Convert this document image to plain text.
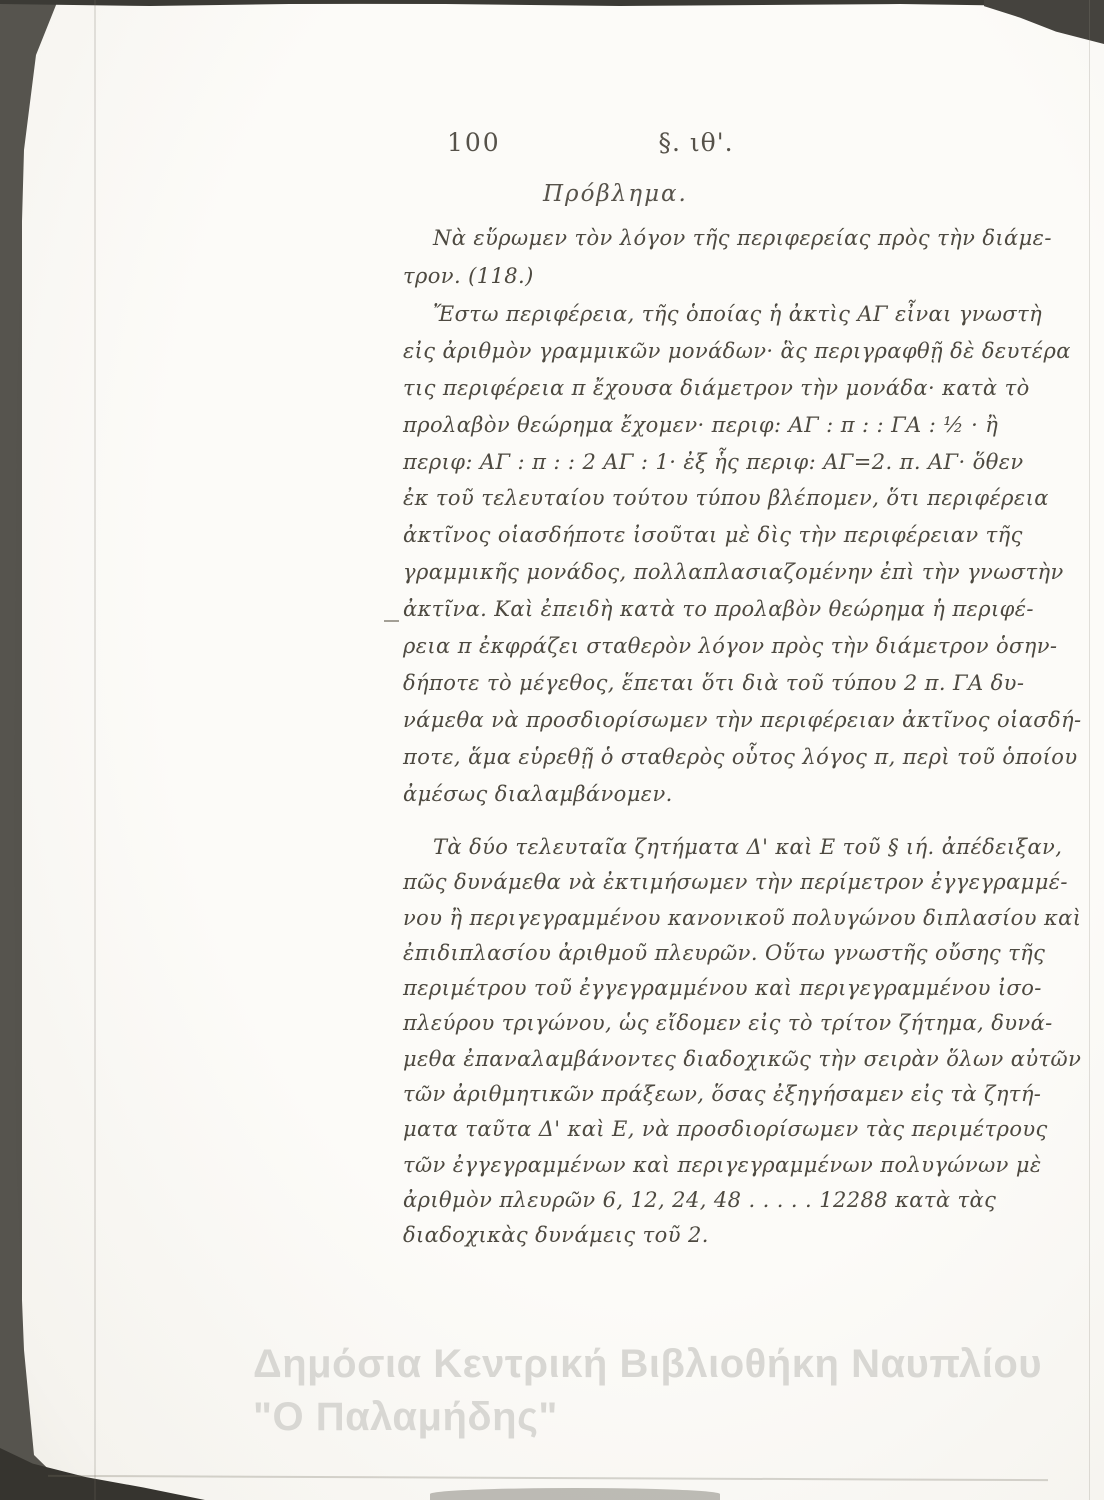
100	§. ιθ'.
Πρόβλημα.
Νὰ εὕρωμεν τὸν λόγον τῆς περιφερείας πρὸς τὴν διάμε-
τρον. (118.)
Ἔστω περιφέρεια, τῆς ὁποίας ἡ ἀκτὶς ΑΓ εἶναι γνωστὴ
εἰς ἀριθμὸν γραμμικῶν μονάδων· ἃς περιγραφθῇ δὲ δευτέρα
τις περιφέρεια π ἔχουσα διάμετρον τὴν μονάδα· κατὰ τὸ
προλαβὸν θεώρημα ἔχομεν· περιφ: ΑΓ : π : : ΓΑ : ½ · ἢ
περιφ: ΑΓ : π : : 2 ΑΓ : 1· ἐξ ἧς περιφ: ΑΓ=2. π. ΑΓ· ὅθεν
ἐκ τοῦ τελευταίου τούτου τύπου βλέπομεν, ὅτι περιφέρεια
ἀκτῖνος οἱασδήποτε ἰσοῦται μὲ δὶς τὴν περιφέρειαν τῆς
γραμμικῆς μονάδος, πολλαπλασιαζομένην ἐπὶ τὴν γνωστὴν
ἀκτῖνα. Καὶ ἐπειδὴ κατὰ το προλαβὸν θεώρημα ἡ περιφέ-
ρεια π ἐκφράζει σταθερὸν λόγον πρὸς τὴν διάμετρον ὁσην-
δήποτε τὸ μέγεθος, ἕπεται ὅτι διὰ τοῦ τύπου 2 π. ΓΑ δυ-
νάμεθα νὰ προσδιορίσωμεν τὴν περιφέρειαν ἀκτῖνος οἱασδή-
ποτε, ἅμα εὑρεθῇ ὁ σταθερὸς οὗτος λόγος π, περὶ τοῦ ὁποίου
ἀμέσως διαλαμβάνομεν.
Τὰ δύο τελευταῖα ζητήματα Δ' καὶ Ε τοῦ § ιή. ἀπέδειξαν,
πῶς δυνάμεθα νὰ ἐκτιμήσωμεν τὴν περίμετρον ἐγγεγραμμέ-
νου ἢ περιγεγραμμένου κανονικοῦ πολυγώνου διπλασίου καὶ
ἐπιδιπλασίου ἀριθμοῦ πλευρῶν. Οὕτω γνωστῆς οὔσης τῆς
περιμέτρου τοῦ ἐγγεγραμμένου καὶ περιγεγραμμένου ἰσο-
πλεύρου τριγώνου, ὡς εἴδομεν εἰς τὸ τρίτον ζήτημα, δυνά-
μεθα ἐπαναλαμβάνοντες διαδοχικῶς τὴν σειρὰν ὅλων αὐτῶν
τῶν ἀριθμητικῶν πράξεων, ὅσας ἐξηγήσαμεν εἰς τὰ ζητή-
ματα ταῦτα Δ' καὶ Ε, νὰ προσδιορίσωμεν τὰς περιμέτρους
τῶν ἐγγεγραμμένων καὶ περιγεγραμμένων πολυγώνων μὲ
ἀριθμὸν πλευρῶν 6, 12, 24, 48 . . . . . 12288 κατὰ τὰς
διαδοχικὰς δυνάμεις τοῦ 2.
Δημόσια Κεντρική Βιβλιοθήκη Ναυπλίου
"Ο Παλαμήδης"
